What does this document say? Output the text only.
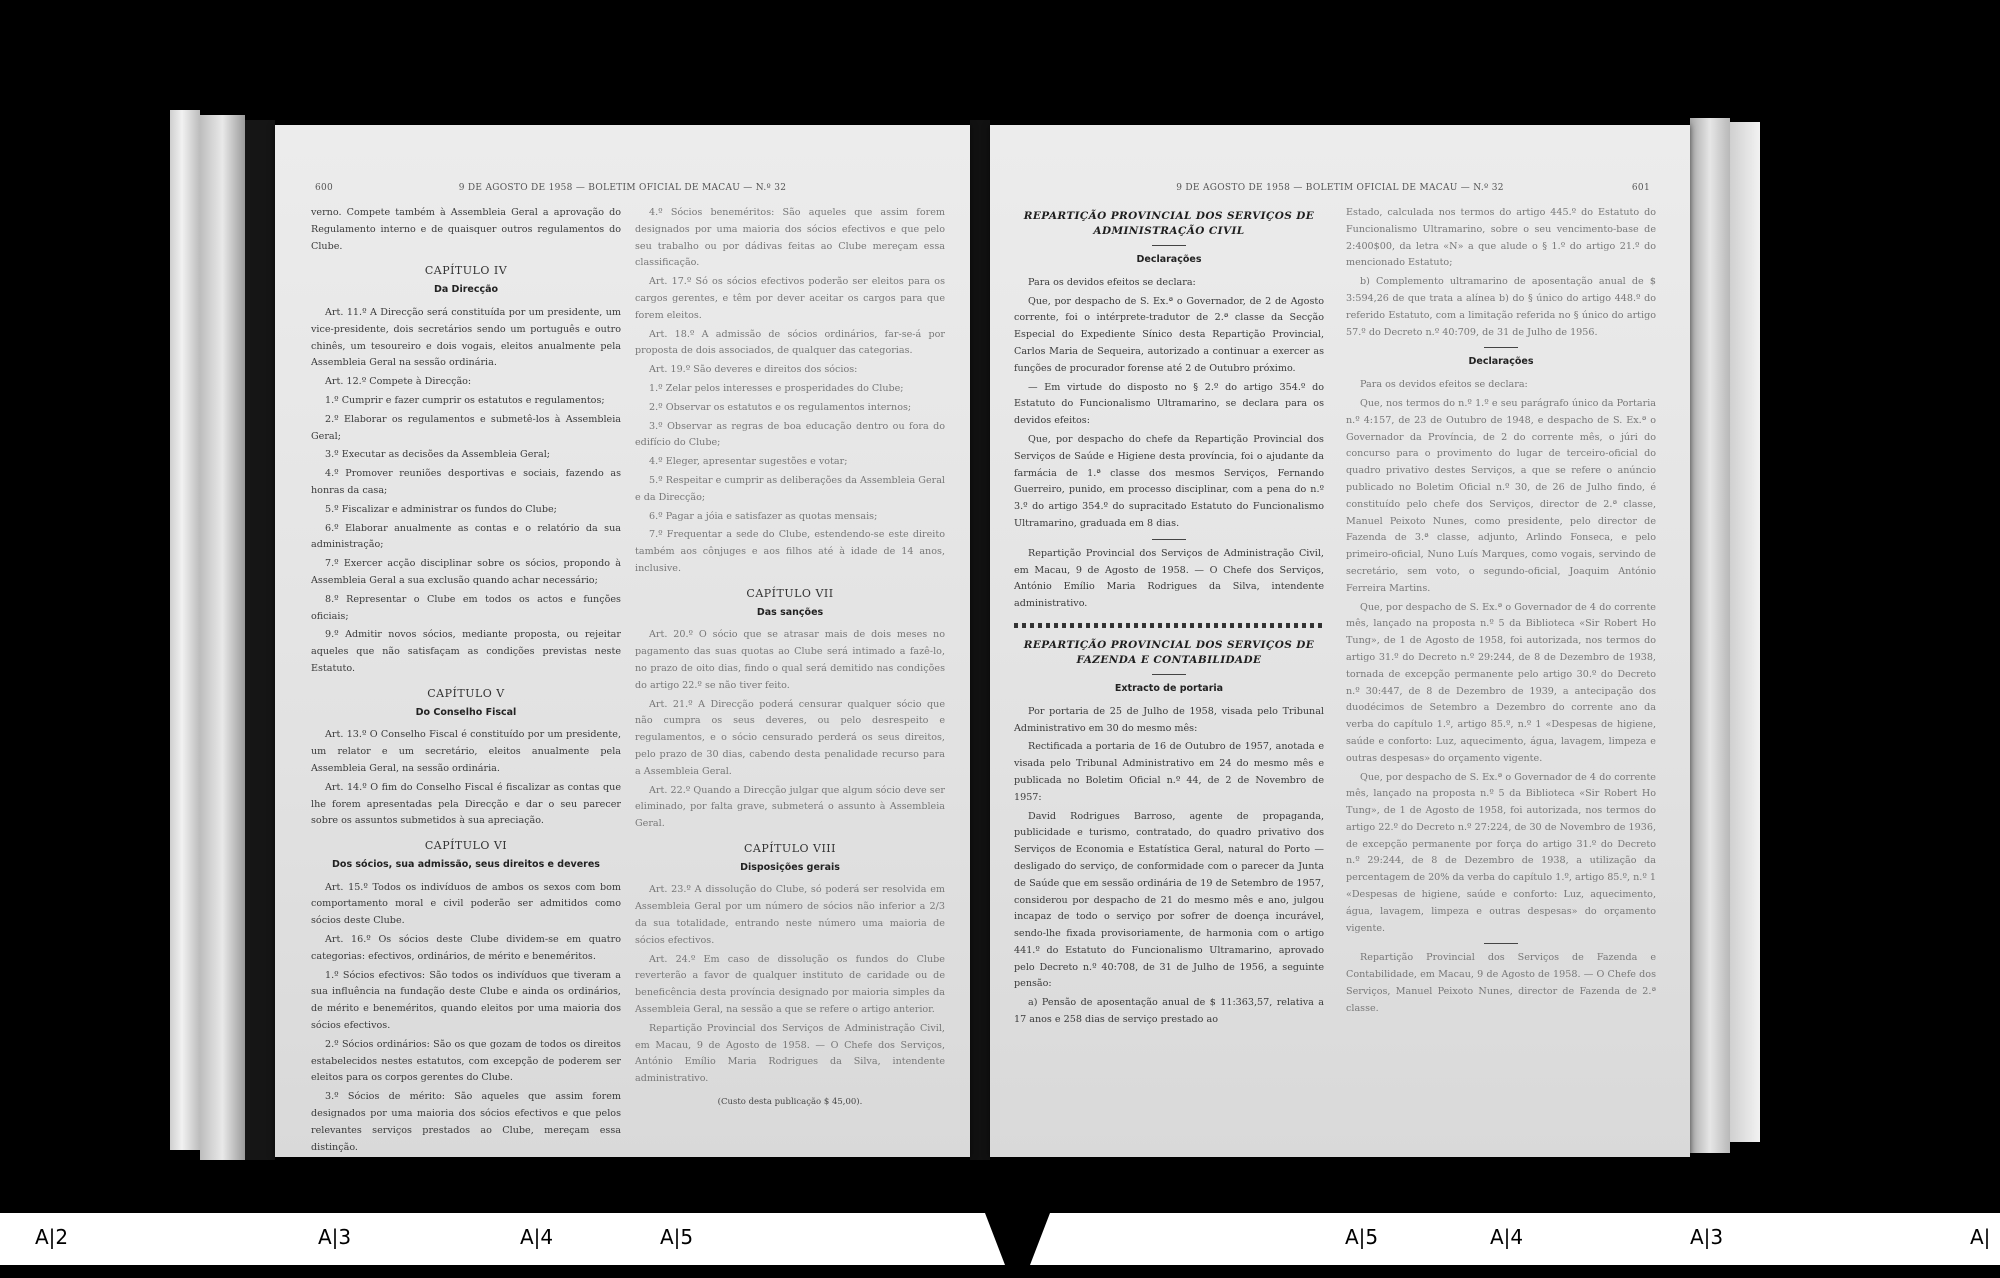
600	9 DE AGOSTO DE 1958 — BOLETIM OFICIAL DE MACAU — N.º 32

verno. Compete também à Assembleia Geral a aprovação do Regulamento interno e de quaisquer outros regulamentos do Clube.

CAPÍTULO IV
Da Direcção

Art. 11.º A Direcção será constituída por um presidente, um vice-presidente, dois secretários sendo um português e outro chinês, um tesoureiro e dois vogais, eleitos anualmente pela Assembleia Geral na sessão ordinária.

Art. 12.º Compete à Direcção:

1.º Cumprir e fazer cumprir os estatutos e regulamentos;

2.º Elaborar os regulamentos e submetê-los à Assembleia Geral;

3.º Executar as decisões da Assembleia Geral;

4.º Promover reuniões desportivas e sociais, fazendo as honras da casa;

5.º Fiscalizar e administrar os fundos do Clube;

6.º Elaborar anualmente as contas e o relatório da sua administração;

7.º Exercer acção disciplinar sobre os sócios, propondo à Assembleia Geral a sua exclusão quando achar necessário;

8.º Representar o Clube em todos os actos e funções oficiais;

9.º Admitir novos sócios, mediante proposta, ou rejeitar aqueles que não satisfaçam as condições previstas neste Estatuto.

CAPÍTULO V
Do Conselho Fiscal

Art. 13.º O Conselho Fiscal é constituído por um presidente, um relator e um secretário, eleitos anualmente pela Assembleia Geral, na sessão ordinária.

Art. 14.º O fim do Conselho Fiscal é fiscalizar as contas que lhe forem apresentadas pela Direcção e dar o seu parecer sobre os assuntos submetidos à sua apreciação.

CAPÍTULO VI
Dos sócios, sua admissão, seus direitos e deveres

Art. 15.º Todos os indivíduos de ambos os sexos com bom comportamento moral e civil poderão ser admitidos como sócios deste Clube.

Art. 16.º Os sócios deste Clube dividem-se em quatro categorias: efectivos, ordinários, de mérito e beneméritos.

1.º Sócios efectivos: São todos os indivíduos que tiveram a sua influência na fundação deste Clube e ainda os ordinários, de mérito e beneméritos, quando eleitos por uma maioria dos sócios efectivos.

2.º Sócios ordinários: São os que gozam de todos os direitos estabelecidos nestes estatutos, com excepção de poderem ser eleitos para os corpos gerentes do Clube.

3.º Sócios de mérito: São aqueles que assim forem designados por uma maioria dos sócios efectivos e que pelos relevantes serviços prestados ao Clube, mereçam essa distinção.

4.º Sócios beneméritos: São aqueles que assim forem designados por uma maioria dos sócios efectivos e que pelo seu trabalho ou por dádivas feitas ao Clube mereçam essa classificação.

Art. 17.º Só os sócios efectivos poderão ser eleitos para os cargos gerentes, e têm por dever aceitar os cargos para que forem eleitos.

Art. 18.º A admissão de sócios ordinários, far-se-á por proposta de dois associados, de qualquer das categorias.

Art. 19.º São deveres e direitos dos sócios:

1.º Zelar pelos interesses e prosperidades do Clube;

2.º Observar os estatutos e os regulamentos internos;

3.º Observar as regras de boa educação dentro ou fora do edifício do Clube;

4.º Eleger, apresentar sugestões e votar;

5.º Respeitar e cumprir as deliberações da Assembleia Geral e da Direcção;

6.º Pagar a jóia e satisfazer as quotas mensais;

7.º Frequentar a sede do Clube, estendendo-se este direito também aos cônjuges e aos filhos até à idade de 14 anos, inclusive.

CAPÍTULO VII
Das sanções

Art. 20.º O sócio que se atrasar mais de dois meses no pagamento das suas quotas ao Clube será intimado a fazê-lo, no prazo de oito dias, findo o qual será demitido nas condições do artigo 22.º se não tiver feito.

Art. 21.º A Direcção poderá censurar qualquer sócio que não cumpra os seus deveres, ou pelo desrespeito e regulamentos, e o sócio censurado perderá os seus direitos, pelo prazo de 30 dias, cabendo desta penalidade recurso para a Assembleia Geral.

Art. 22.º Quando a Direcção julgar que algum sócio deve ser eliminado, por falta grave, submeterá o assunto à Assembleia Geral.

CAPÍTULO VIII
Disposições gerais

Art. 23.º A dissolução do Clube, só poderá ser resolvida em Assembleia Geral por um número de sócios não inferior a 2/3 da sua totalidade, entrando neste número uma maioria de sócios efectivos.

Art. 24.º Em caso de dissolução os fundos do Clube reverterão a favor de qualquer instituto de caridade ou de beneficência desta província designado por maioria simples da Assembleia Geral, na sessão a que se refere o artigo anterior.

Repartição Provincial dos Serviços de Administração Civil, em Macau, 9 de Agosto de 1958. — O Chefe dos Serviços, António Emílio Maria Rodrigues da Silva, intendente administrativo.

(Custo desta publicação $ 45,00).
9 DE AGOSTO DE 1958 — BOLETIM OFICIAL DE MACAU — N.º 32	601
REPARTIÇÃO PROVINCIAL DOS SERVIÇOS DE ADMINISTRAÇÃO CIVIL
Declarações

Para os devidos efeitos se declara:

Que, por despacho de S. Ex.ª o Governador, de 2 de Agosto corrente, foi o intérprete-tradutor de 2.ª classe da Secção Especial do Expediente Sínico desta Repartição Provincial, Carlos Maria de Sequeira, autorizado a continuar a exercer as funções de procurador forense até 2 de Outubro próximo.

— Em virtude do disposto no § 2.º do artigo 354.º do Estatuto do Funcionalismo Ultramarino, se declara para os devidos efeitos:

Que, por despacho do chefe da Repartição Provincial dos Serviços de Saúde e Higiene desta província, foi o ajudante da farmácia de 1.ª classe dos mesmos Serviços, Fernando Guerreiro, punido, em processo disciplinar, com a pena do n.º 3.º do artigo 354.º do supracitado Estatuto do Funcionalismo Ultramarino, graduada em 8 dias.

Repartição Provincial dos Serviços de Administração Civil, em Macau, 9 de Agosto de 1958. — O Chefe dos Serviços, António Emílio Maria Rodrigues da Silva, intendente administrativo.

REPARTIÇÃO PROVINCIAL DOS SERVIÇOS DE FAZENDA E CONTABILIDADE
Extracto de portaria

Por portaria de 25 de Julho de 1958, visada pelo Tribunal Administrativo em 30 do mesmo mês:

Rectificada a portaria de 16 de Outubro de 1957, anotada e visada pelo Tribunal Administrativo em 24 do mesmo mês e publicada no Boletim Oficial n.º 44, de 2 de Novembro de 1957:

David Rodrigues Barroso, agente de propaganda, publicidade e turismo, contratado, do quadro privativo dos Serviços de Economia e Estatística Geral, natural do Porto — desligado do serviço, de conformidade com o parecer da Junta de Saúde que em sessão ordinária de 19 de Setembro de 1957, considerou por despacho de 21 do mesmo mês e ano, julgou incapaz de todo o serviço por sofrer de doença incurável, sendo-lhe fixada provisoriamente, de harmonia com o artigo 441.º do Estatuto do Funcionalismo Ultramarino, aprovado pelo Decreto n.º 40:708, de 31 de Julho de 1956, a seguinte pensão:

a) Pensão de aposentação anual de $ 11:363,57, relativa a 17 anos e 258 dias de serviço prestado ao

Estado, calculada nos termos do artigo 445.º do Estatuto do Funcionalismo Ultramarino, sobre o seu vencimento-base de 2:400$00, da letra «N» a que alude o § 1.º do artigo 21.º do mencionado Estatuto;

b) Complemento ultramarino de aposentação anual de $ 3:594,26 de que trata a alínea b) do § único do artigo 448.º do referido Estatuto, com a limitação referida no § único do artigo 57.º do Decreto n.º 40:709, de 31 de Julho de 1956.

Declarações

Para os devidos efeitos se declara:

Que, nos termos do n.º 1.º e seu parágrafo único da Portaria n.º 4:157, de 23 de Outubro de 1948, e despacho de S. Ex.ª o Governador da Província, de 2 do corrente mês, o júri do concurso para o provimento do lugar de terceiro-oficial do quadro privativo destes Serviços, a que se refere o anúncio publicado no Boletim Oficial n.º 30, de 26 de Julho findo, é constituído pelo chefe dos Serviços, director de 2.ª classe, Manuel Peixoto Nunes, como presidente, pelo director de Fazenda de 3.ª classe, adjunto, Arlindo Fonseca, e pelo primeiro-oficial, Nuno Luís Marques, como vogais, servindo de secretário, sem voto, o segundo-oficial, Joaquim António Ferreira Martins.

Que, por despacho de S. Ex.ª o Governador de 4 do corrente mês, lançado na proposta n.º 5 da Biblioteca «Sir Robert Ho Tung», de 1 de Agosto de 1958, foi autorizada, nos termos do artigo 31.º do Decreto n.º 29:244, de 8 de Dezembro de 1938, tornada de excepção permanente pelo artigo 30.º do Decreto n.º 30:447, de 8 de Dezembro de 1939, a antecipação dos duodécimos de Setembro a Dezembro do corrente ano da verba do capítulo 1.º, artigo 85.º, n.º 1 «Despesas de higiene, saúde e conforto: Luz, aquecimento, água, lavagem, limpeza e outras despesas» do orçamento vigente.

Que, por despacho de S. Ex.ª o Governador de 4 do corrente mês, lançado na proposta n.º 5 da Biblioteca «Sir Robert Ho Tung», de 1 de Agosto de 1958, foi autorizada, nos termos do artigo 22.º do Decreto n.º 27:224, de 30 de Novembro de 1936, de excepção permanente por força do artigo 31.º do Decreto n.º 29:244, de 8 de Dezembro de 1938, a utilização da percentagem de 20% da verba do capítulo 1.º, artigo 85.º, n.º 1 «Despesas de higiene, saúde e conforto: Luz, aquecimento, água, lavagem, limpeza e outras despesas» do orçamento vigente.

Repartição Provincial dos Serviços de Fazenda e Contabilidade, em Macau, 9 de Agosto de 1958. — O Chefe dos Serviços, Manuel Peixoto Nunes, director de Fazenda de 2.ª classe.

A|2	A|3	A|4	A|5	A|5	A|4	A|3	A|
